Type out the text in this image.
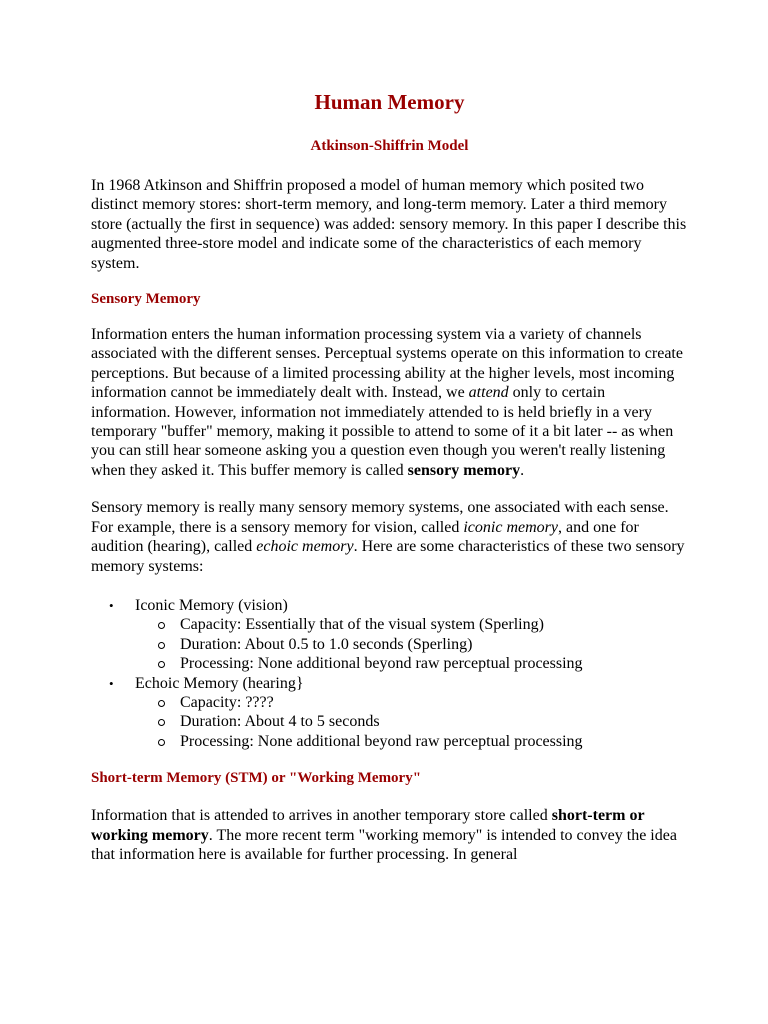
Human Memory
Atkinson-Shiffrin Model

In 1968 Atkinson and Shiffrin proposed a model of human memory which posited two distinct memory stores: short-term memory, and long-term memory. Later a third memory store (actually the first in sequence) was added: sensory memory. In this paper I describe this augmented three-store model and indicate some of the characteristics of each memory system.

Sensory Memory

Information enters the human information processing system via a variety of channels associated with the different senses. Perceptual systems operate on this information to create perceptions. But because of a limited processing ability at the higher levels, most incoming information cannot be immediately dealt with. Instead, we attend only to certain information. However, information not immediately attended to is held briefly in a very temporary "buffer" memory, making it possible to attend to some of it a bit later -- as when you can still hear someone asking you a question even though you weren't really listening when they asked it. This buffer memory is called sensory memory.

Sensory memory is really many sensory memory systems, one associated with each sense. For example, there is a sensory memory for vision, called iconic memory, and one for audition (hearing), called echoic memory. Here are some characteristics of these two sensory memory systems:

• Iconic Memory (vision)
Capacity: Essentially that of the visual system (Sperling)
Duration: About 0.5 to 1.0 seconds (Sperling)
Processing: None additional beyond raw perceptual processing
• Echoic Memory (hearing}
Capacity: ????
Duration: About 4 to 5 seconds
Processing: None additional beyond raw perceptual processing
Short-term Memory (STM) or "Working Memory"

Information that is attended to arrives in another temporary store called short-term or working memory. The more recent term "working memory" is intended to convey the idea that information here is available for further processing. In general
